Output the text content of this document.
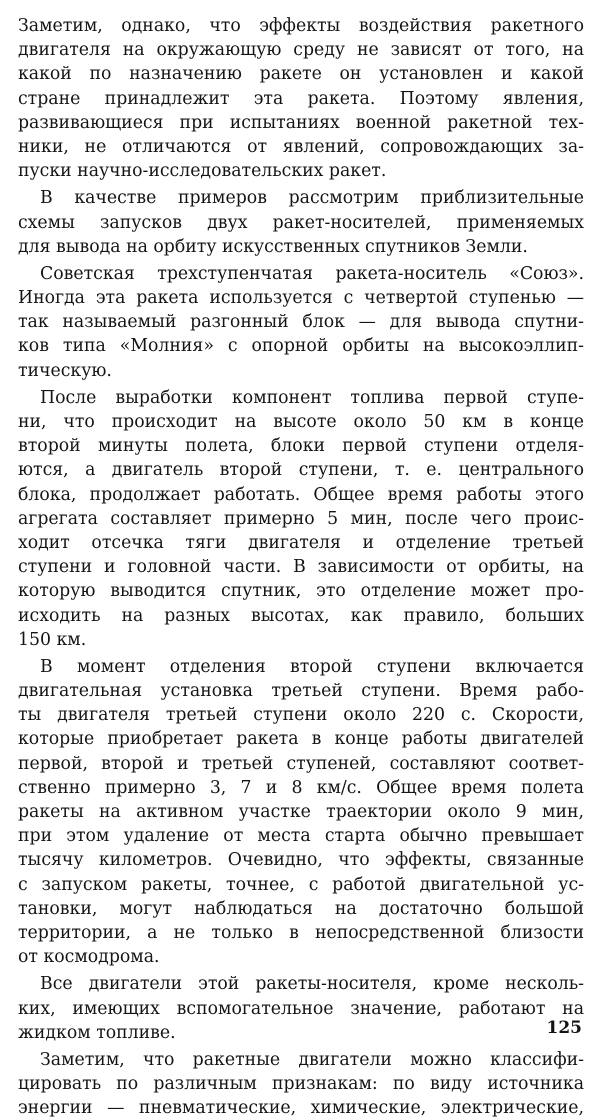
Заметим, однако, что эффекты воздействия ракетного
двигателя на окружающую среду не зависят от того, на
какой по назначению ракете он установлен и какой
стране принадлежит эта ракета. Поэтому явления,
развивающиеся при испытаниях военной ракетной тех-
ники, не отличаются от явлений, сопровождающих за-
пуски научно-исследовательских ракет.
В качестве примеров рассмотрим приблизительные
схемы запусков двух ракет-носителей, применяемых
для вывода на орбиту искусственных спутников Земли.
Советская трехступенчатая ракета-носитель «Союз».
Иногда эта ракета используется с четвертой ступенью —
так называемый разгонный блок — для вывода спутни-
ков типа «Молния» с опорной орбиты на высокоэллип-
тическую.
После выработки компонент топлива первой ступе-
ни, что происходит на высоте около 50 км в конце
второй минуты полета, блоки первой ступени отделя-
ются, а двигатель второй ступени, т. е. центрального
блока, продолжает работать. Общее время работы этого
агрегата составляет примерно 5 мин, после чего проис-
ходит отсечка тяги двигателя и отделение третьей
ступени и головной части. В зависимости от орбиты, на
которую выводится спутник, это отделение может про-
исходить на разных высотах, как правило, больших
150 км.
В момент отделения второй ступени включается
двигательная установка третьей ступени. Время рабо-
ты двигателя третьей ступени около 220 с. Скорости,
которые приобретает ракета в конце работы двигателей
первой, второй и третьей ступеней, составляют соответ-
ственно примерно 3, 7 и 8 км/с. Общее время полета
ракеты на активном участке траектории около 9 мин,
при этом удаление от места старта обычно превышает
тысячу километров. Очевидно, что эффекты, связанные
с запуском ракеты, точнее, с работой двигательной ус-
тановки, могут наблюдаться на достаточно большой
территории, а не только в непосредственной близости
от космодрома.
Все двигатели этой ракеты-носителя, кроме несколь-
ких, имеющих вспомогательное значение, работают на
жидком топливе.
Заметим, что ракетные двигатели можно классифи-
цировать по различным признакам: по виду источника
энергии — пневматические, химические, электрические,
125
